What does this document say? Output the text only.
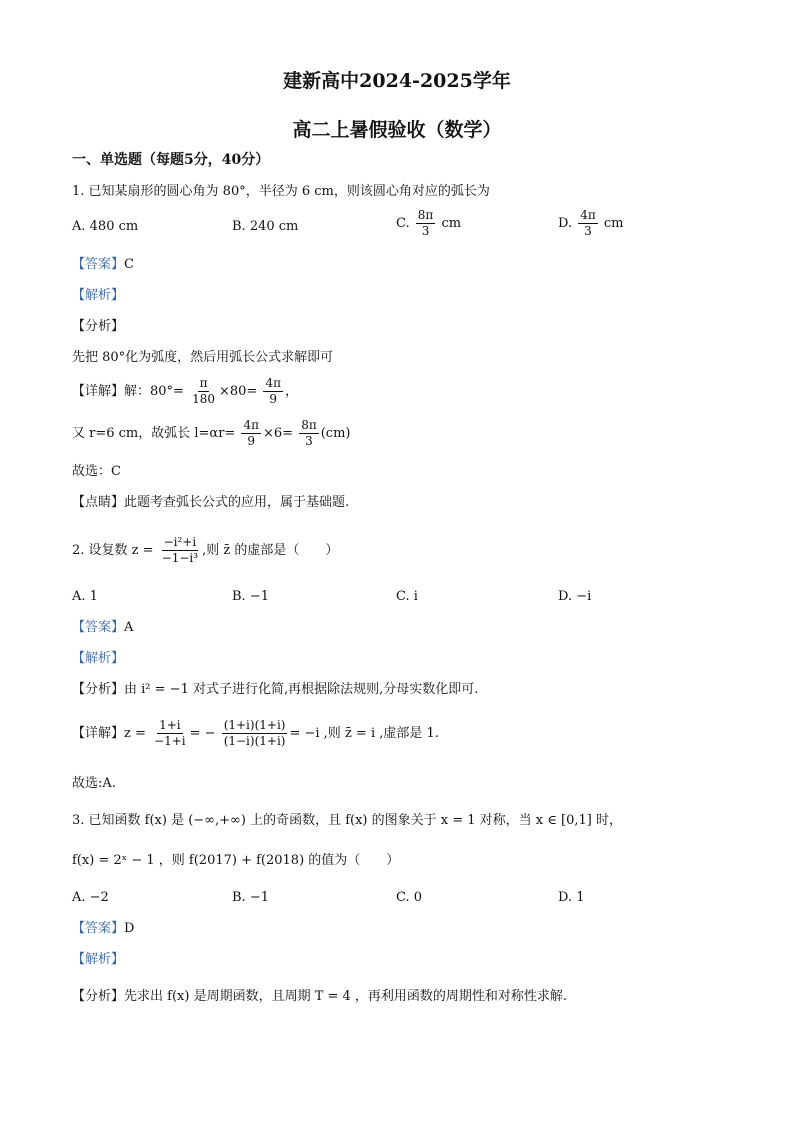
建新高中2024-2025学年
高二上暑假验收（数学）
一、单选题（每题5分，40分）
1. 已知某扇形的圆心角为 80°，半径为 6 cm，则该圆心角对应的弧长为
A. 480 cm	B. 240 cm	C. $\frac{8\pi}{3}$ cm	D. $\frac{4\pi}{3}$ cm
【答案】C
【解析】
【分析】
先把 80°化为弧度，然后用弧长公式求解即可
【详解】解：$80^\circ= \frac{\pi}{180} \times 80= \frac{4\pi}{9}$ ，
又 r=6 cm，故弧长 $l=\alpha r= \frac{4\pi}{9} \times 6= \frac{8\pi}{3} (cm)$
故选：C
【点睛】此题考查弧长公式的应用，属于基础题.
2. 设复数 $z = \frac{\text{−i²+i}}{\text{−1−i³}}$ ,则 z̄ 的虚部是（　　）
A. 1	B. −1	C. i	D. −i
【答案】A
【解析】
【分析】由 i² = −1 对式子进行化简,再根据除法规则,分母实数化即可.
【详解】$z = \frac{1+i}{-1+i}$ = − $\frac{(1+i)(1+i)}{(1-i)(1+i)} = -i$ ,则 z̄ = i ,虚部是 1.
故选:A.
3. 已知函数 f(x) 是 (−∞,+∞) 上的奇函数，且 f(x) 的图象关于 x = 1 对称，当 x ∈ [0,1] 时，
f(x) = 2ˣ − 1 ，则 f(2017) + f(2018) 的值为（　　）
A. −2	B. −1	C. 0	D. 1
【答案】D
【解析】
【分析】先求出 f(x) 是周期函数，且周期 T = 4 ，再利用函数的周期性和对称性求解.
